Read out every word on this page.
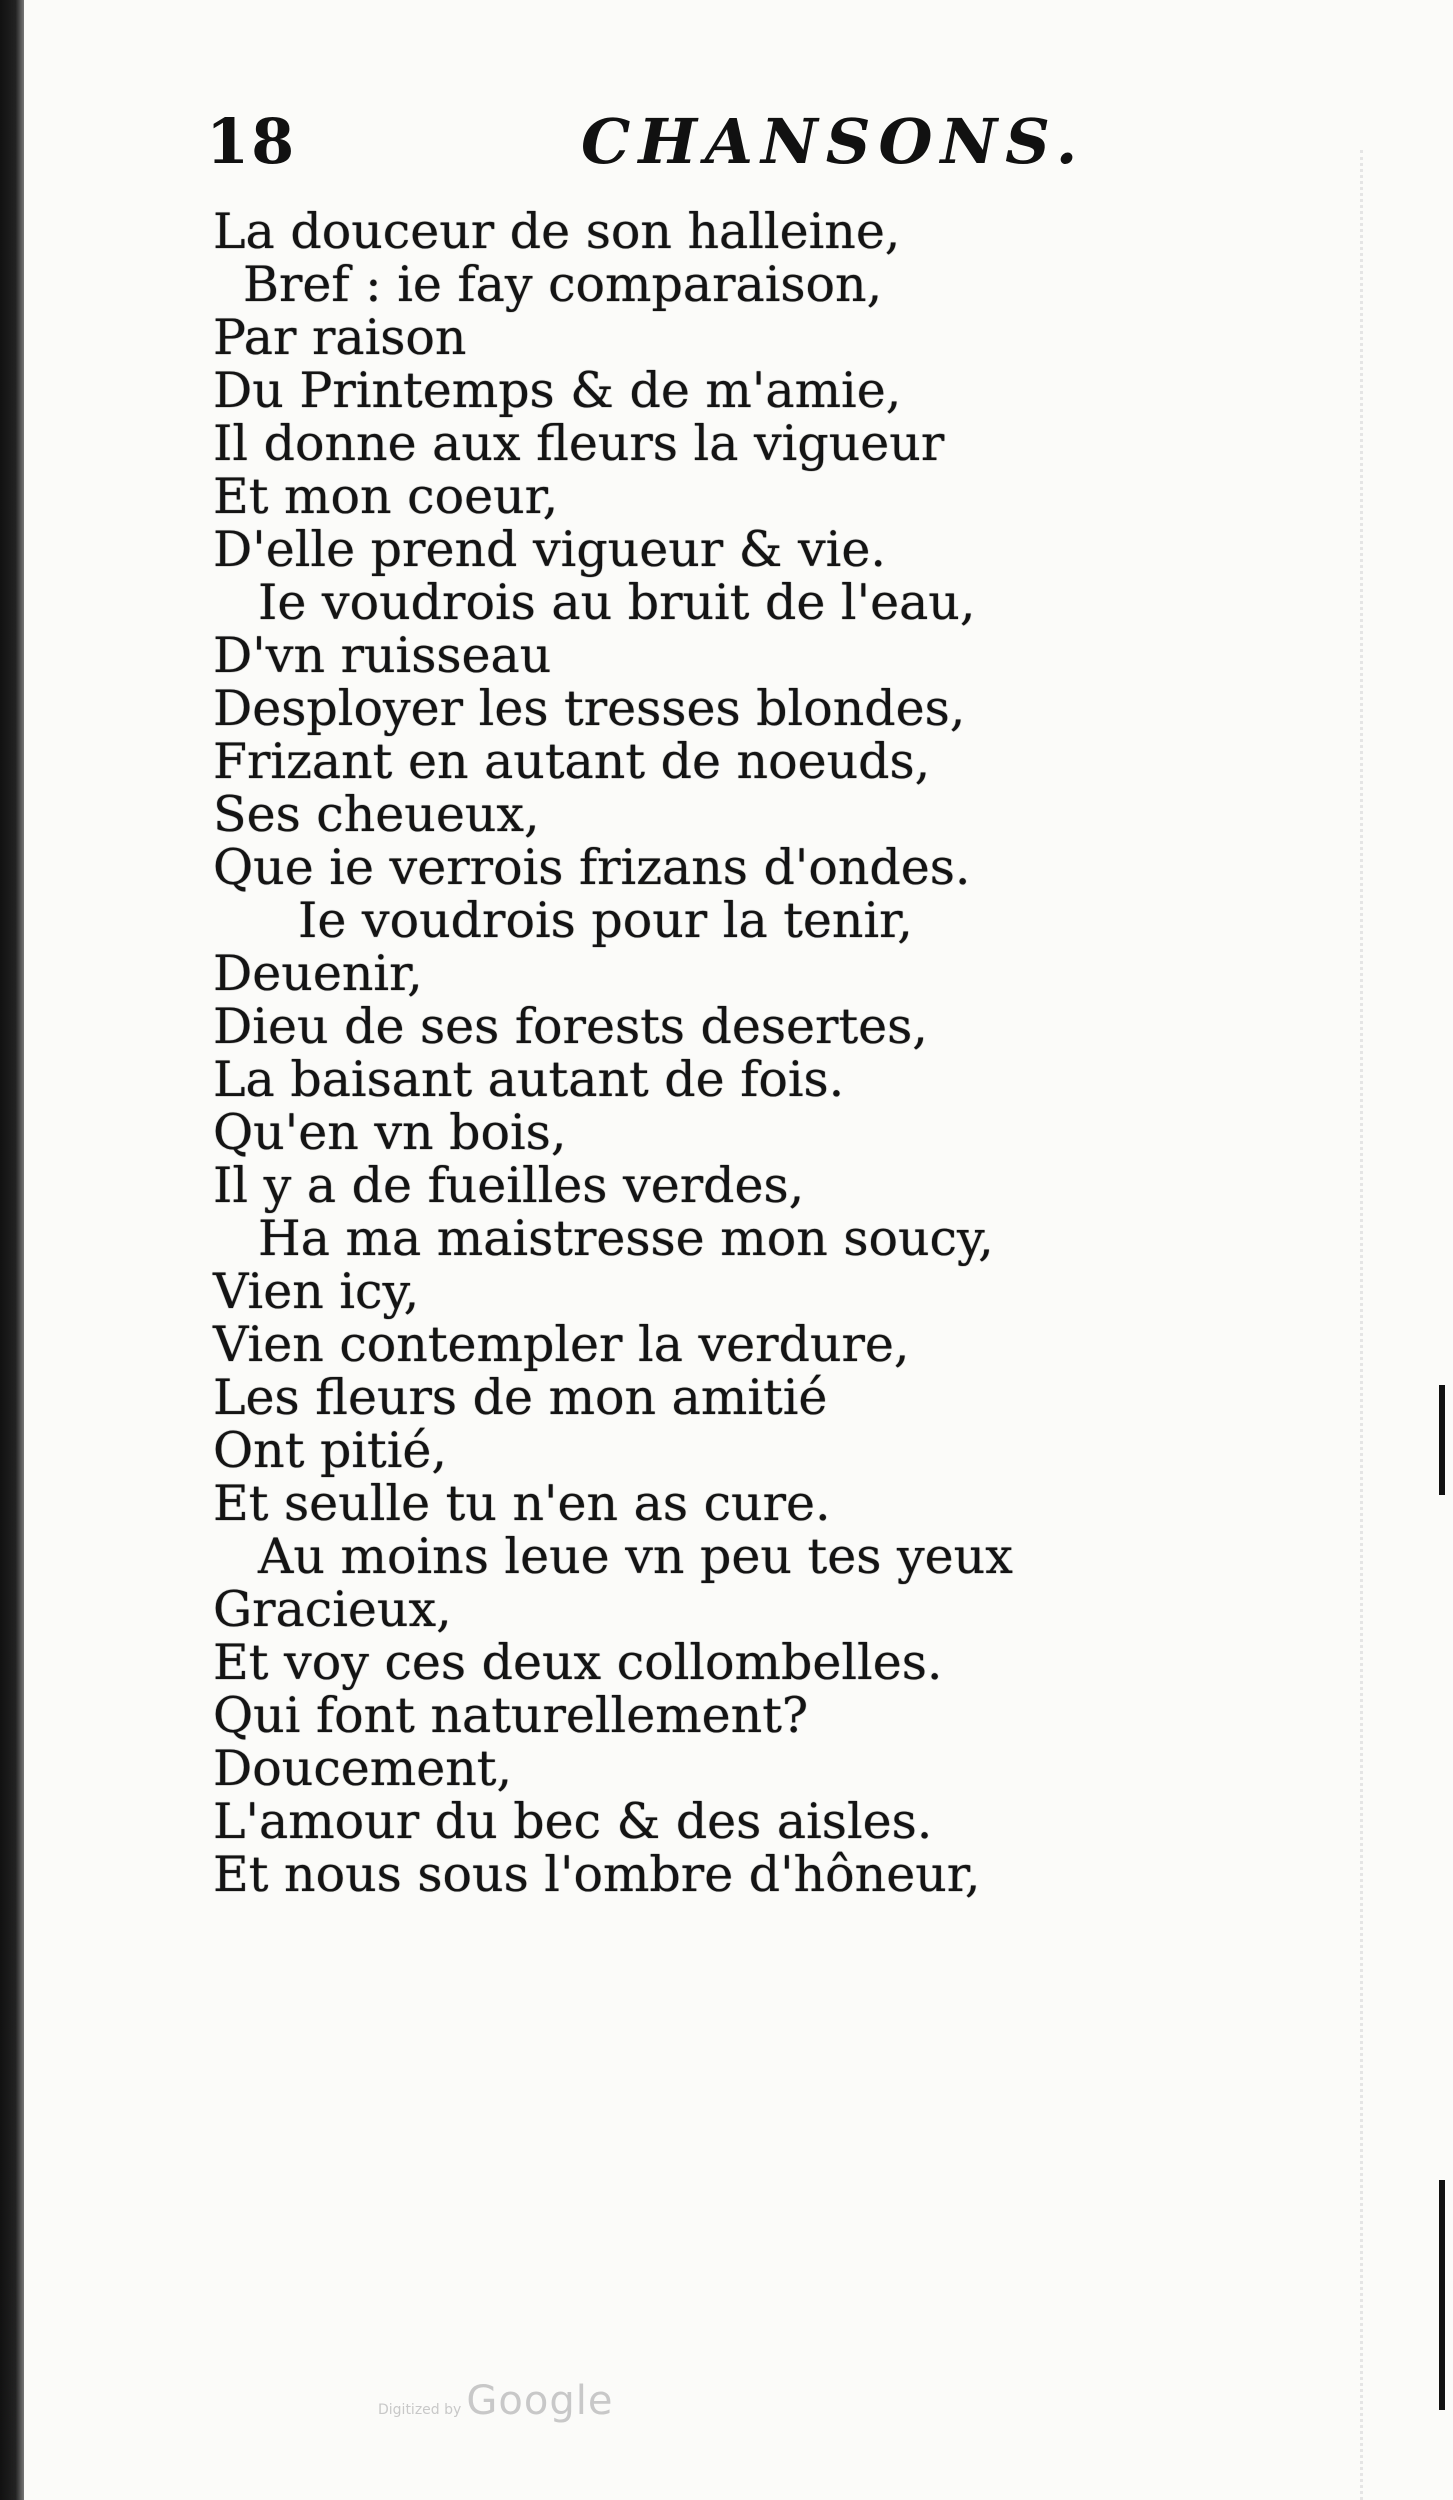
18	CHANSONS.
La douceur de son halleine,
Bref : ie fay comparaison,
Par raison
Du Printemps & de m'amie,
Il donne aux fleurs la vigueur
Et mon coeur,
D'elle prend vigueur & vie.
Ie voudrois au bruit de l'eau,
D'vn ruisseau
Desployer les tresses blondes,
Frizant en autant de noeuds,
Ses cheueux,
Que ie verrois frizans d'ondes.
Ie voudrois pour la tenir,
Deuenir,
Dieu de ses forests desertes,
La baisant autant de fois.
Qu'en vn bois,
Il y a de fueilles verdes,
Ha ma maistresse mon soucy,
Vien icy,
Vien contempler la verdure,
Les fleurs de mon amitié
Ont pitié,
Et seulle tu n'en as cure.
Au moins leue vn peu tes yeux
Gracieux,
Et voy ces deux collombelles.
Qui font naturellement?
Doucement,
L'amour du bec & des aisles.
Et nous sous l'ombre d'hôneur,
Digitized by Google
